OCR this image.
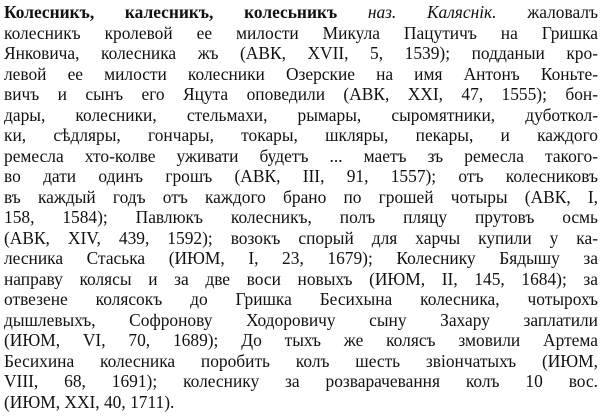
Колесникъ, калесникъ, колесьникъ наз. Каляснік. жаловалъ
колесникъ кролевой ее милости Микула Пацутичъ на Гришка
Янковича, колесника жъ (АВК, XVII, 5, 1539); подданыи кро-
левой ее милости колесники Озерские на имя Антонъ Коньте-
вичъ и сынъ его Яцута оповедили (АВК, XXI, 47, 1555); бон-
дары, колесники, стельмахи, рымары, сыромятники, дуботкол-
ки, сѣдляры, гончары, токары, шкляры, пекары, и каждого
ремесла хто-колве уживати будетъ ... маетъ зъ ремесла такого-
во дати одинъ грошъ (АВК, III, 91, 1557); отъ колесниковъ
въ каждый годъ отъ каждого брано по грошей чотыры (АВК, I,
158, 1584); Павлюкъ колесникъ, полъ пляцу прутовъ осмь
(АВК, XIV, 439, 1592); возокъ спорый для харчы купили у ка-
лесника Стаська (ИЮМ, I, 23, 1679); Колеснику Бядышу за
направу колясы и за две воси новыхъ (ИЮМ, II, 145, 1684); за
отвезене колясокъ до Гришка Бесихына колесника, чотырохъ
дышлевыхъ, Софронову Ходоровичу сыну Захару заплатили
(ИЮМ, VI, 70, 1689); До тыхъ же колясъ змовили Артема
Бесихина колесника поробить колъ шесть звіончатыхъ (ИЮМ,
VIII, 68, 1691); колеснику за розварачевання колъ 10 вос.
(ИЮМ, XXI, 40, 1711).
